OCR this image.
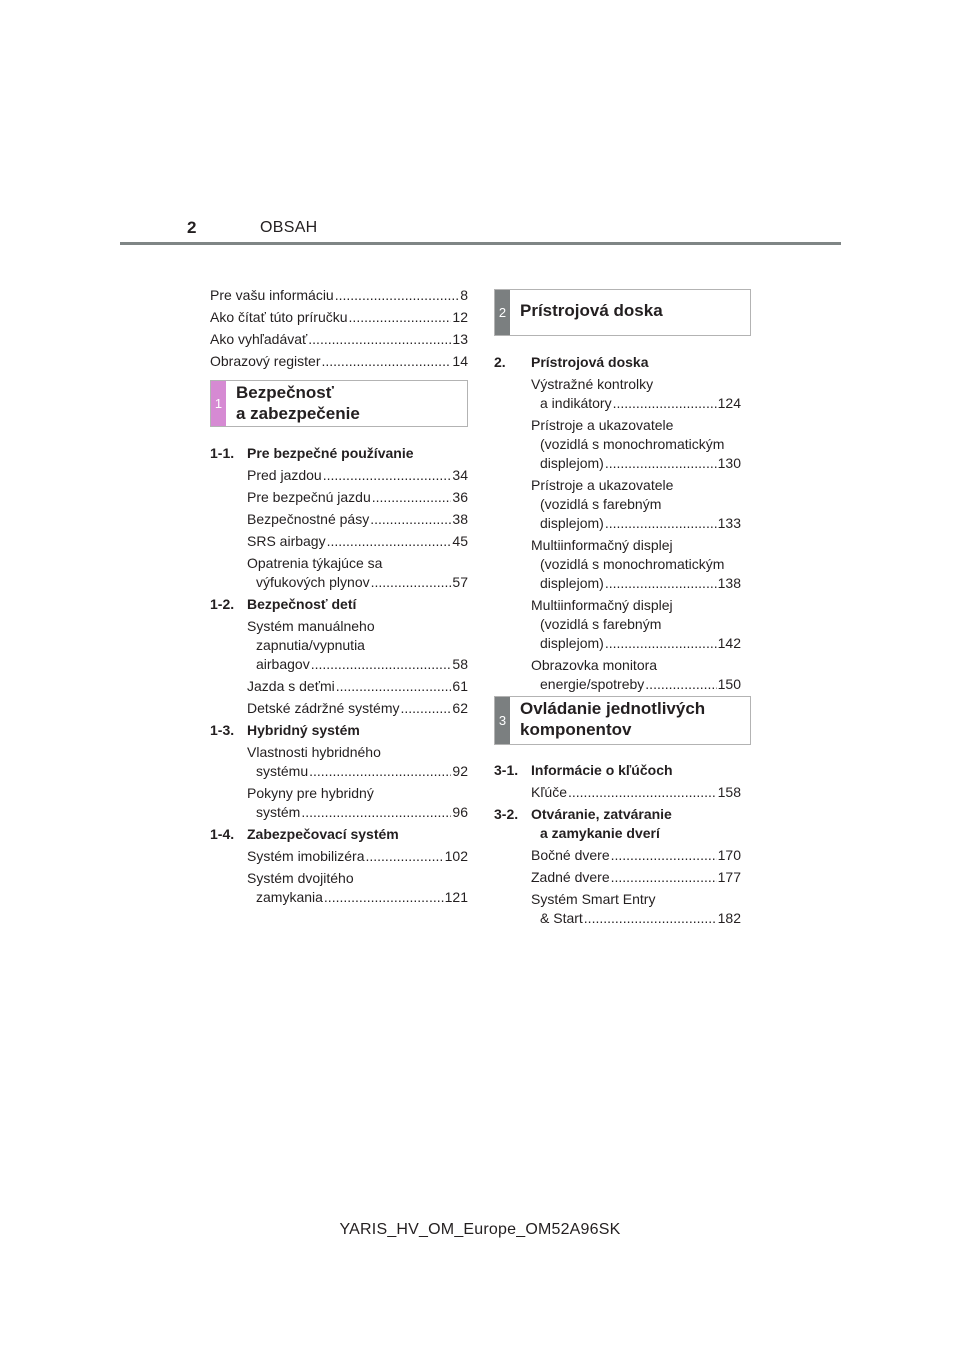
2	OBSAH
Pre vašu informáciu .....	8
Ako čítať túto príručku .....	12
Ako vyhľadávať .....	13
Obrazový register .....	14
1
Bezpečnosť
a zabezpečenie
1-1. Pre bezpečné používanie
Pred jazdou .....	34
Pre bezpečnú jazdu .....	36
Bezpečnostné pásy .....	38
SRS airbagy .....	45
Opatrenia týkajúce sa
výfukových plynov .....	57
1-2. Bezpečnosť detí
Systém manuálneho
zapnutia/vypnutia
airbagov .....	58
Jazda s deťmi .....	61
Detské zádržné systémy .....	62
1-3. Hybridný systém
Vlastnosti hybridného
systému .....	92
Pokyny pre hybridný
systém .....	96
1-4. Zabezpečovací systém
Systém imobilizéra .....	102
Systém dvojitého
zamykania .....	121
2 Prístrojová doska
2.	Prístrojová doska
Výstražné kontrolky
a indikátory .....	124
Prístroje a ukazovatele
(vozidlá s monochromatickým
displejom) .....	130
Prístroje a ukazovatele
(vozidlá s farebným
displejom) .....	133
Multiinformačný displej
(vozidlá s monochromatickým
displejom) .....	138
Multiinformačný displej
(vozidlá s farebným
displejom) .....	142
Obrazovka monitora
energie/spotreby .....	150
3
Ovládanie jednotlivých
komponentov
3-1. Informácie o kľúčoch
Kľúče .....	158
3-2. Otváranie, zatváranie
a zamykanie dverí
Bočné dvere .....	170
Zadné dvere .....	177
Systém Smart Entry
& Start .....	182
YARIS_HV_OM_Europe_OM52A96SK
